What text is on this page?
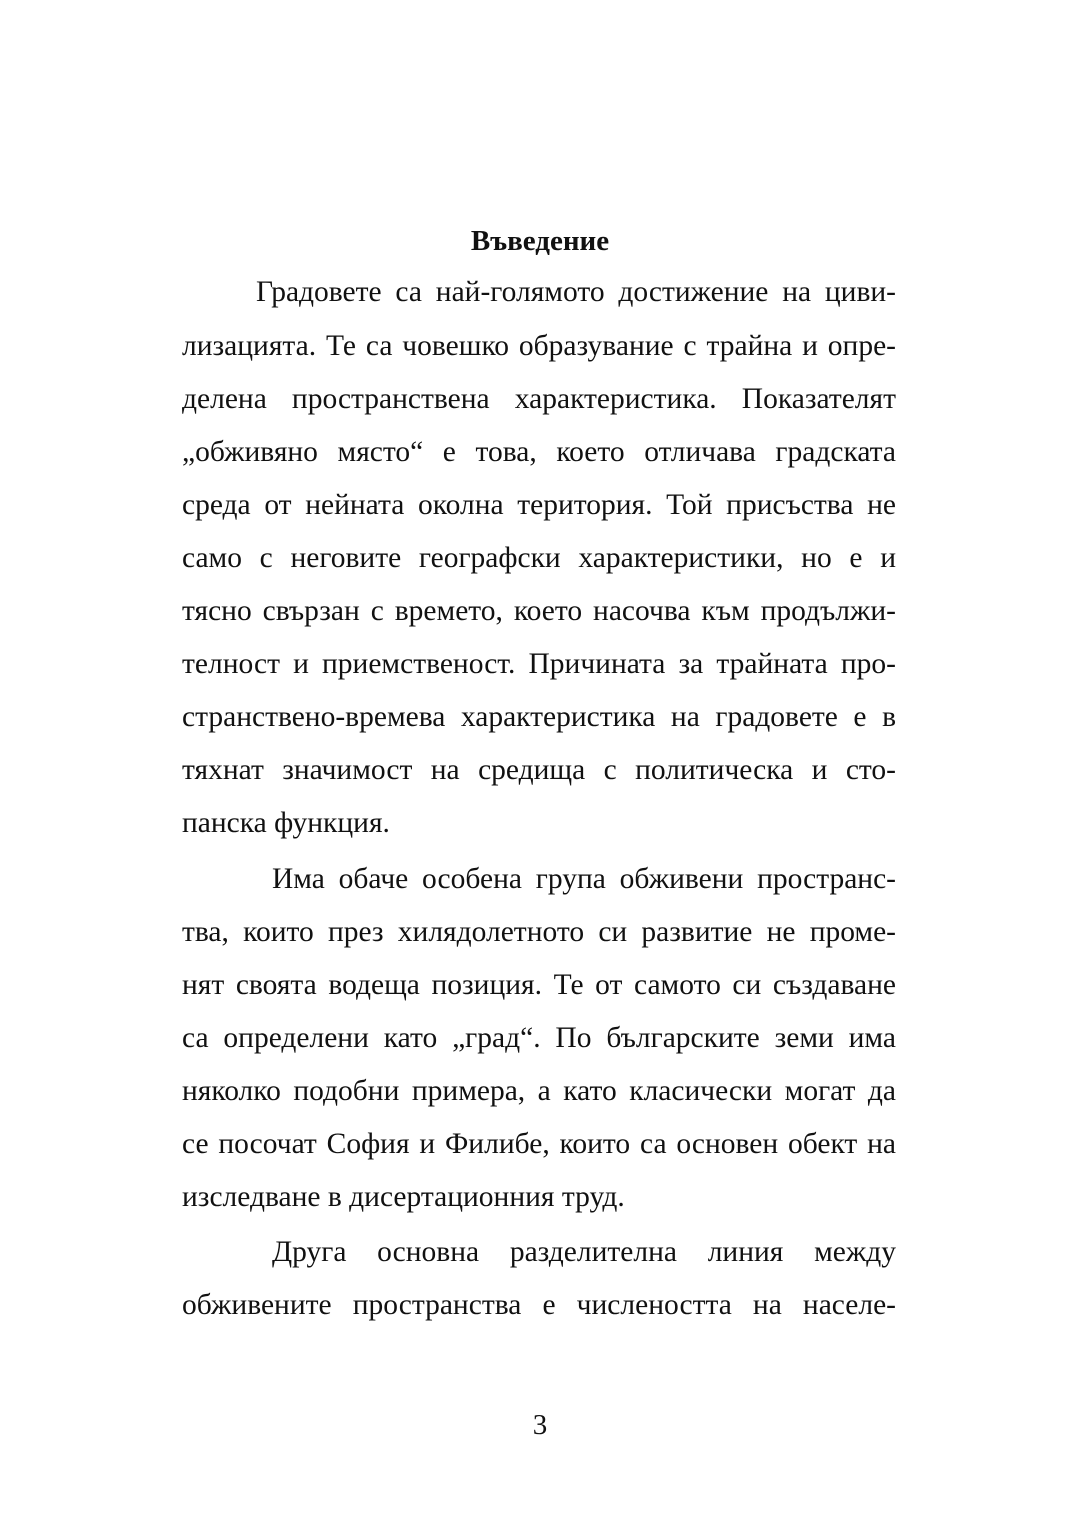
Въведение

Градовете са най-голямото достижение на циви-

лизацията. Те са човешко образувание с трайна и опре-

делена пространствена характеристика. Показателят

„обживяно място“ е това, което отличава градската

среда от нейната околна територия. Той присъства не

само с неговите географски характеристики, но е и

тясно свързан с времето, което насочва към продължи-

телност и приемственост. Причината за трайната про-

странствено-времева характеристика на градовете е в

тяхнат значимост на средища с политическа и сто-

панска функция.

Има обаче особена група обживени пространс-

тва, които през хилядолетното си развитие не проме-

нят своята водеща позиция. Те от самото си създаване

са определени като „град“. По българските земи има

няколко подобни примера, а като класически могат да

се посочат София и Филибе, които са основен обект на

изследване в дисертационния труд.

Друга основна разделителна линия между

обживените пространства е числеността на населе-

3
